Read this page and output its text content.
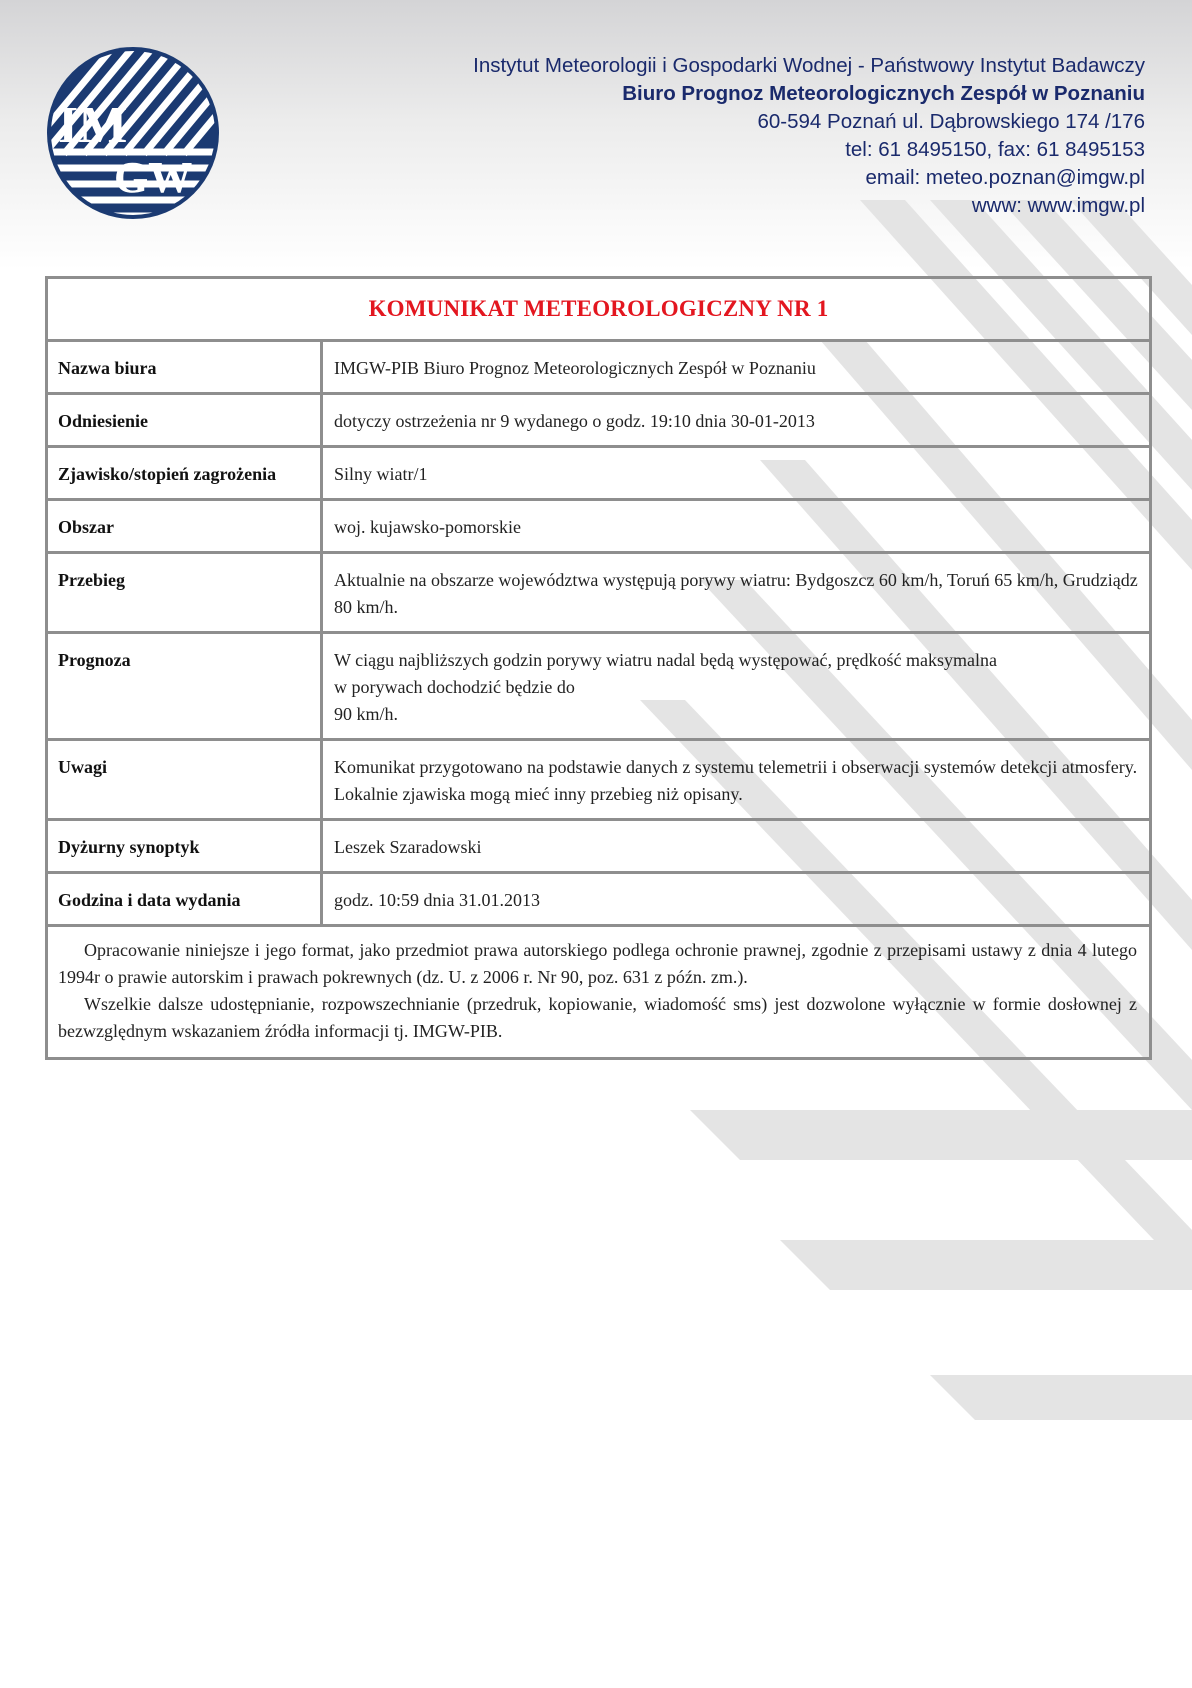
IM
GW
Instytut Meteorologii i Gospodarki Wodnej - Państwowy Instytut Badawczy
Biuro Prognoz Meteorologicznych Zespół w Poznaniu
60-594 Poznań ul. Dąbrowskiego 174 /176
tel: 61 8495150, fax: 61 8495153
email: meteo.poznan@imgw.pl
www: www.imgw.pl
KOMUNIKAT METEOROLOGICZNY NR 1
Nazwa biura	IMGW-PIB Biuro Prognoz Meteorologicznych Zespół w Poznaniu
Odniesienie	dotyczy ostrzeżenia nr 9 wydanego o godz. 19:10 dnia 30-01-2013
Zjawisko/stopień zagrożenia	Silny wiatr/1
Obszar	woj. kujawsko-pomorskie
Przebieg	Aktualnie na obszarze województwa występują porywy wiatru: Bydgoszcz 60 km/h, Toruń 65 km/h, Grudziądz 80 km/h.
Prognoza	W ciągu najbliższych godzin porywy wiatru nadal będą występować, prędkość maksymalna
w porywach dochodzić będzie do
90 km/h.
Uwagi	Komunikat przygotowano na podstawie danych z systemu telemetrii i obserwacji systemów detekcji atmosfery. Lokalnie zjawiska mogą mieć inny przebieg niż opisany.
Dyżurny synoptyk	Leszek Szaradowski
Godzina i data wydania	godz. 10:59 dnia 31.01.2013

Opracowanie niniejsze i jego format, jako przedmiot prawa autorskiego podlega ochronie prawnej, zgodnie z przepisami ustawy z dnia 4 lutego 1994r o prawie autorskim i prawach pokrewnych (dz. U. z 2006 r. Nr 90, poz. 631 z późn. zm.).

Wszelkie dalsze udostępnianie, rozpowszechnianie (przedruk, kopiowanie, wiadomość sms) jest dozwolone wyłącznie w formie dosłownej z bezwzględnym wskazaniem źródła informacji tj. IMGW-PIB.
